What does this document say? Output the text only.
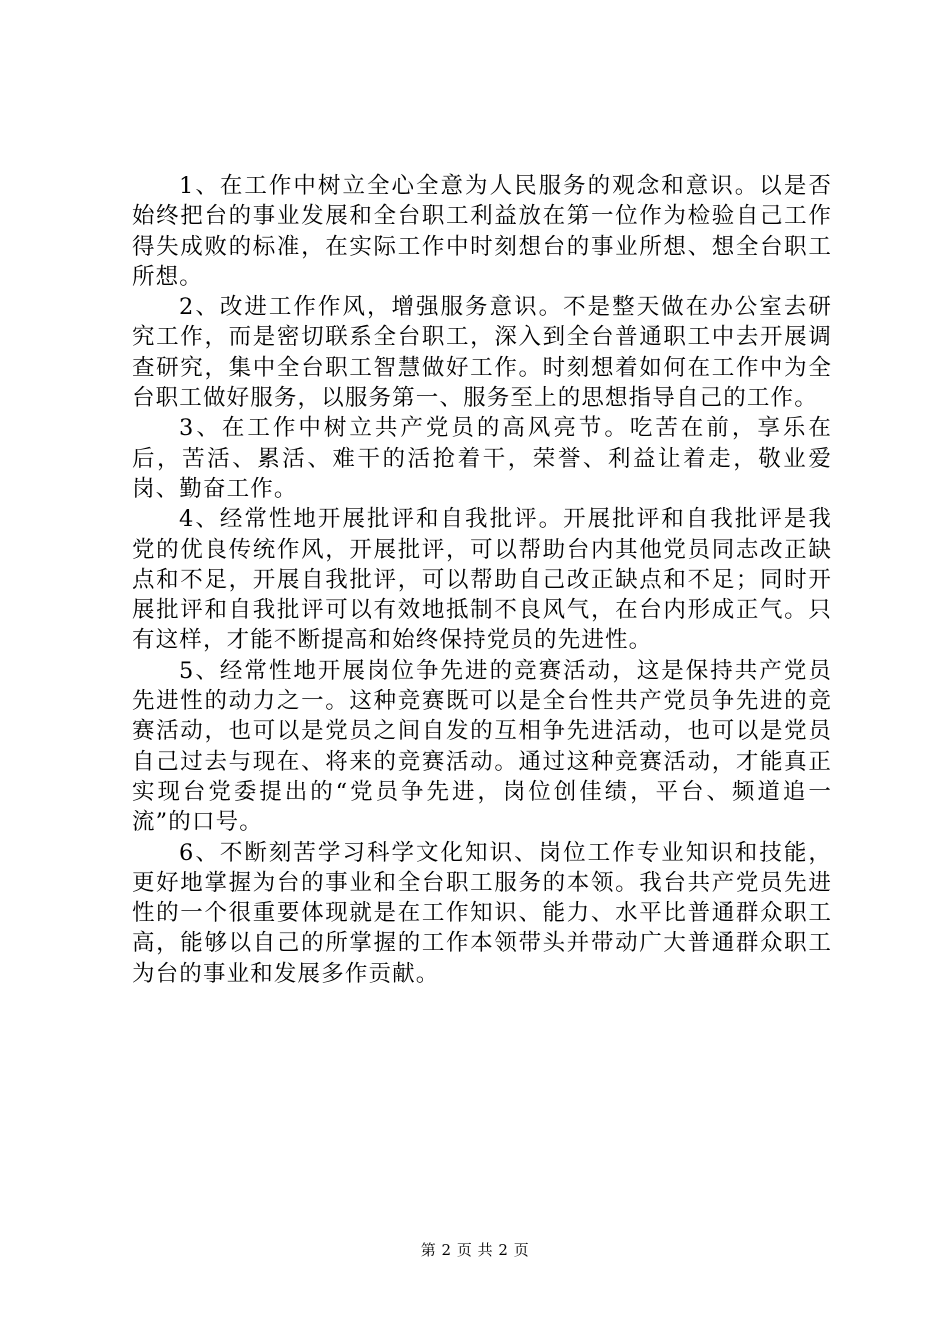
1、在工作中树立全心全意为人民服务的观念和意识。以是否始终把台的事业发展和全台职工利益放在第一位作为检验自己工作得失成败的标准，在实际工作中时刻想台的事业所想、想全台职工所想。

2、改进工作作风，增强服务意识。不是整天做在办公室去研究工作，而是密切联系全台职工，深入到全台普通职工中去开展调查研究，集中全台职工智慧做好工作。时刻想着如何在工作中为全台职工做好服务，以服务第一、服务至上的思想指导自己的工作。

3、在工作中树立共产党员的高风亮节。吃苦在前，享乐在后，苦活、累活、难干的活抢着干，荣誉、利益让着走，敬业爱岗、勤奋工作。

4、经常性地开展批评和自我批评。开展批评和自我批评是我党的优良传统作风，开展批评，可以帮助台内其他党员同志改正缺点和不足，开展自我批评，可以帮助自己改正缺点和不足；同时开展批评和自我批评可以有效地抵制不良风气，在台内形成正气。只有这样，才能不断提高和始终保持党员的先进性。

5、经常性地开展岗位争先进的竞赛活动，这是保持共产党员先进性的动力之一。这种竞赛既可以是全台性共产党员争先进的竞赛活动，也可以是党员之间自发的互相争先进活动，也可以是党员自己过去与现在、将来的竞赛活动。通过这种竞赛活动，才能真正实现台党委提出的“党员争先进，岗位创佳绩，平台、频道追一流”的口号。

6、不断刻苦学习科学文化知识、岗位工作专业知识和技能，更好地掌握为台的事业和全台职工服务的本领。我台共产党员先进性的一个很重要体现就是在工作知识、能力、水平比普通群众职工高，能够以自己的所掌握的工作本领带头并带动广大普通群众职工为台的事业和发展多作贡献。

第 2 页 共 2 页
